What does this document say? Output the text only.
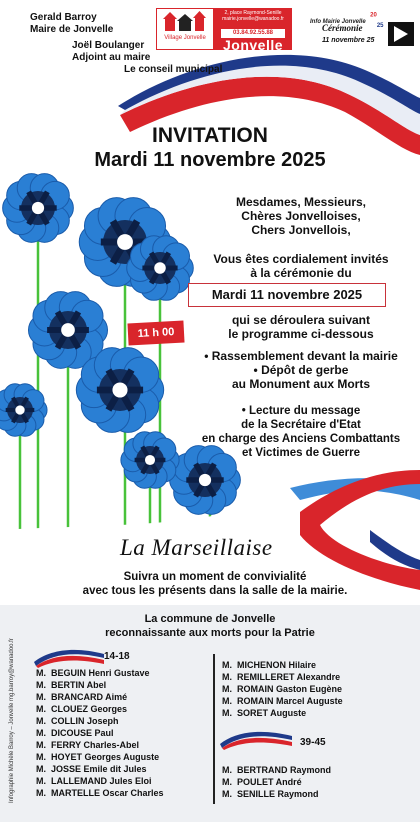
Gerald Barroy
Maire de Jonvelle
Joël Boulanger
Adjoint au maire
Le conseil municipal
Village Jonvelle
2, place Raymond-Senille
mairie.jonvelle@wanadoo.fr
03.84.92.55.88
Jonvelle
Info Mairie Jonvelle $^{20}_{25}$
Cérémonie
11 novembre 25
INVITATION
Mardi 11 novembre 2025
Mesdames, Messieurs,
Chères Jonvelloises,
Chers Jonvellois,
Vous êtes cordialement invités
à la cérémonie du
Mardi 11 novembre 2025
11 h 00
qui se déroulera suivant
le programme ci-dessous
• Rassemblement devant la mairie
• Dépôt de gerbe
au Monument aux Morts
• Lecture du message
de la Secrétaire d'Etat
en charge des Anciens Combattants
et Victimes de Guerre
La Marseillaise
Suivra un moment de convivialité
avec tous les présents dans la salle de la mairie.
La commune de Jonvelle
reconnaissante aux morts pour la Patrie
14-18
M. BEGUIN Henri Gustave
M. BERTIN Abel
M. BRANCARD Aimé
M. CLOUEZ Georges
M. COLLIN Joseph
M. DICOUSE Paul
M. FERRY Charles-Abel
M. HOYET Georges Auguste
M. JOSSE Emile dit Jules
M. LALLEMAND Jules Eloi
M. MARTELLE Oscar Charles
M. MICHENON Hilaire
M. REMILLERET Alexandre
M. ROMAIN Gaston Eugène
M. ROMAIN Marcel Auguste
M. SORET Auguste
39-45
M. BERTRAND Raymond
M. POULET André
M. SENILLE Raymond
Infographie Michèle Barroy – Jonvelle mg.barroy@wanadoo.fr
